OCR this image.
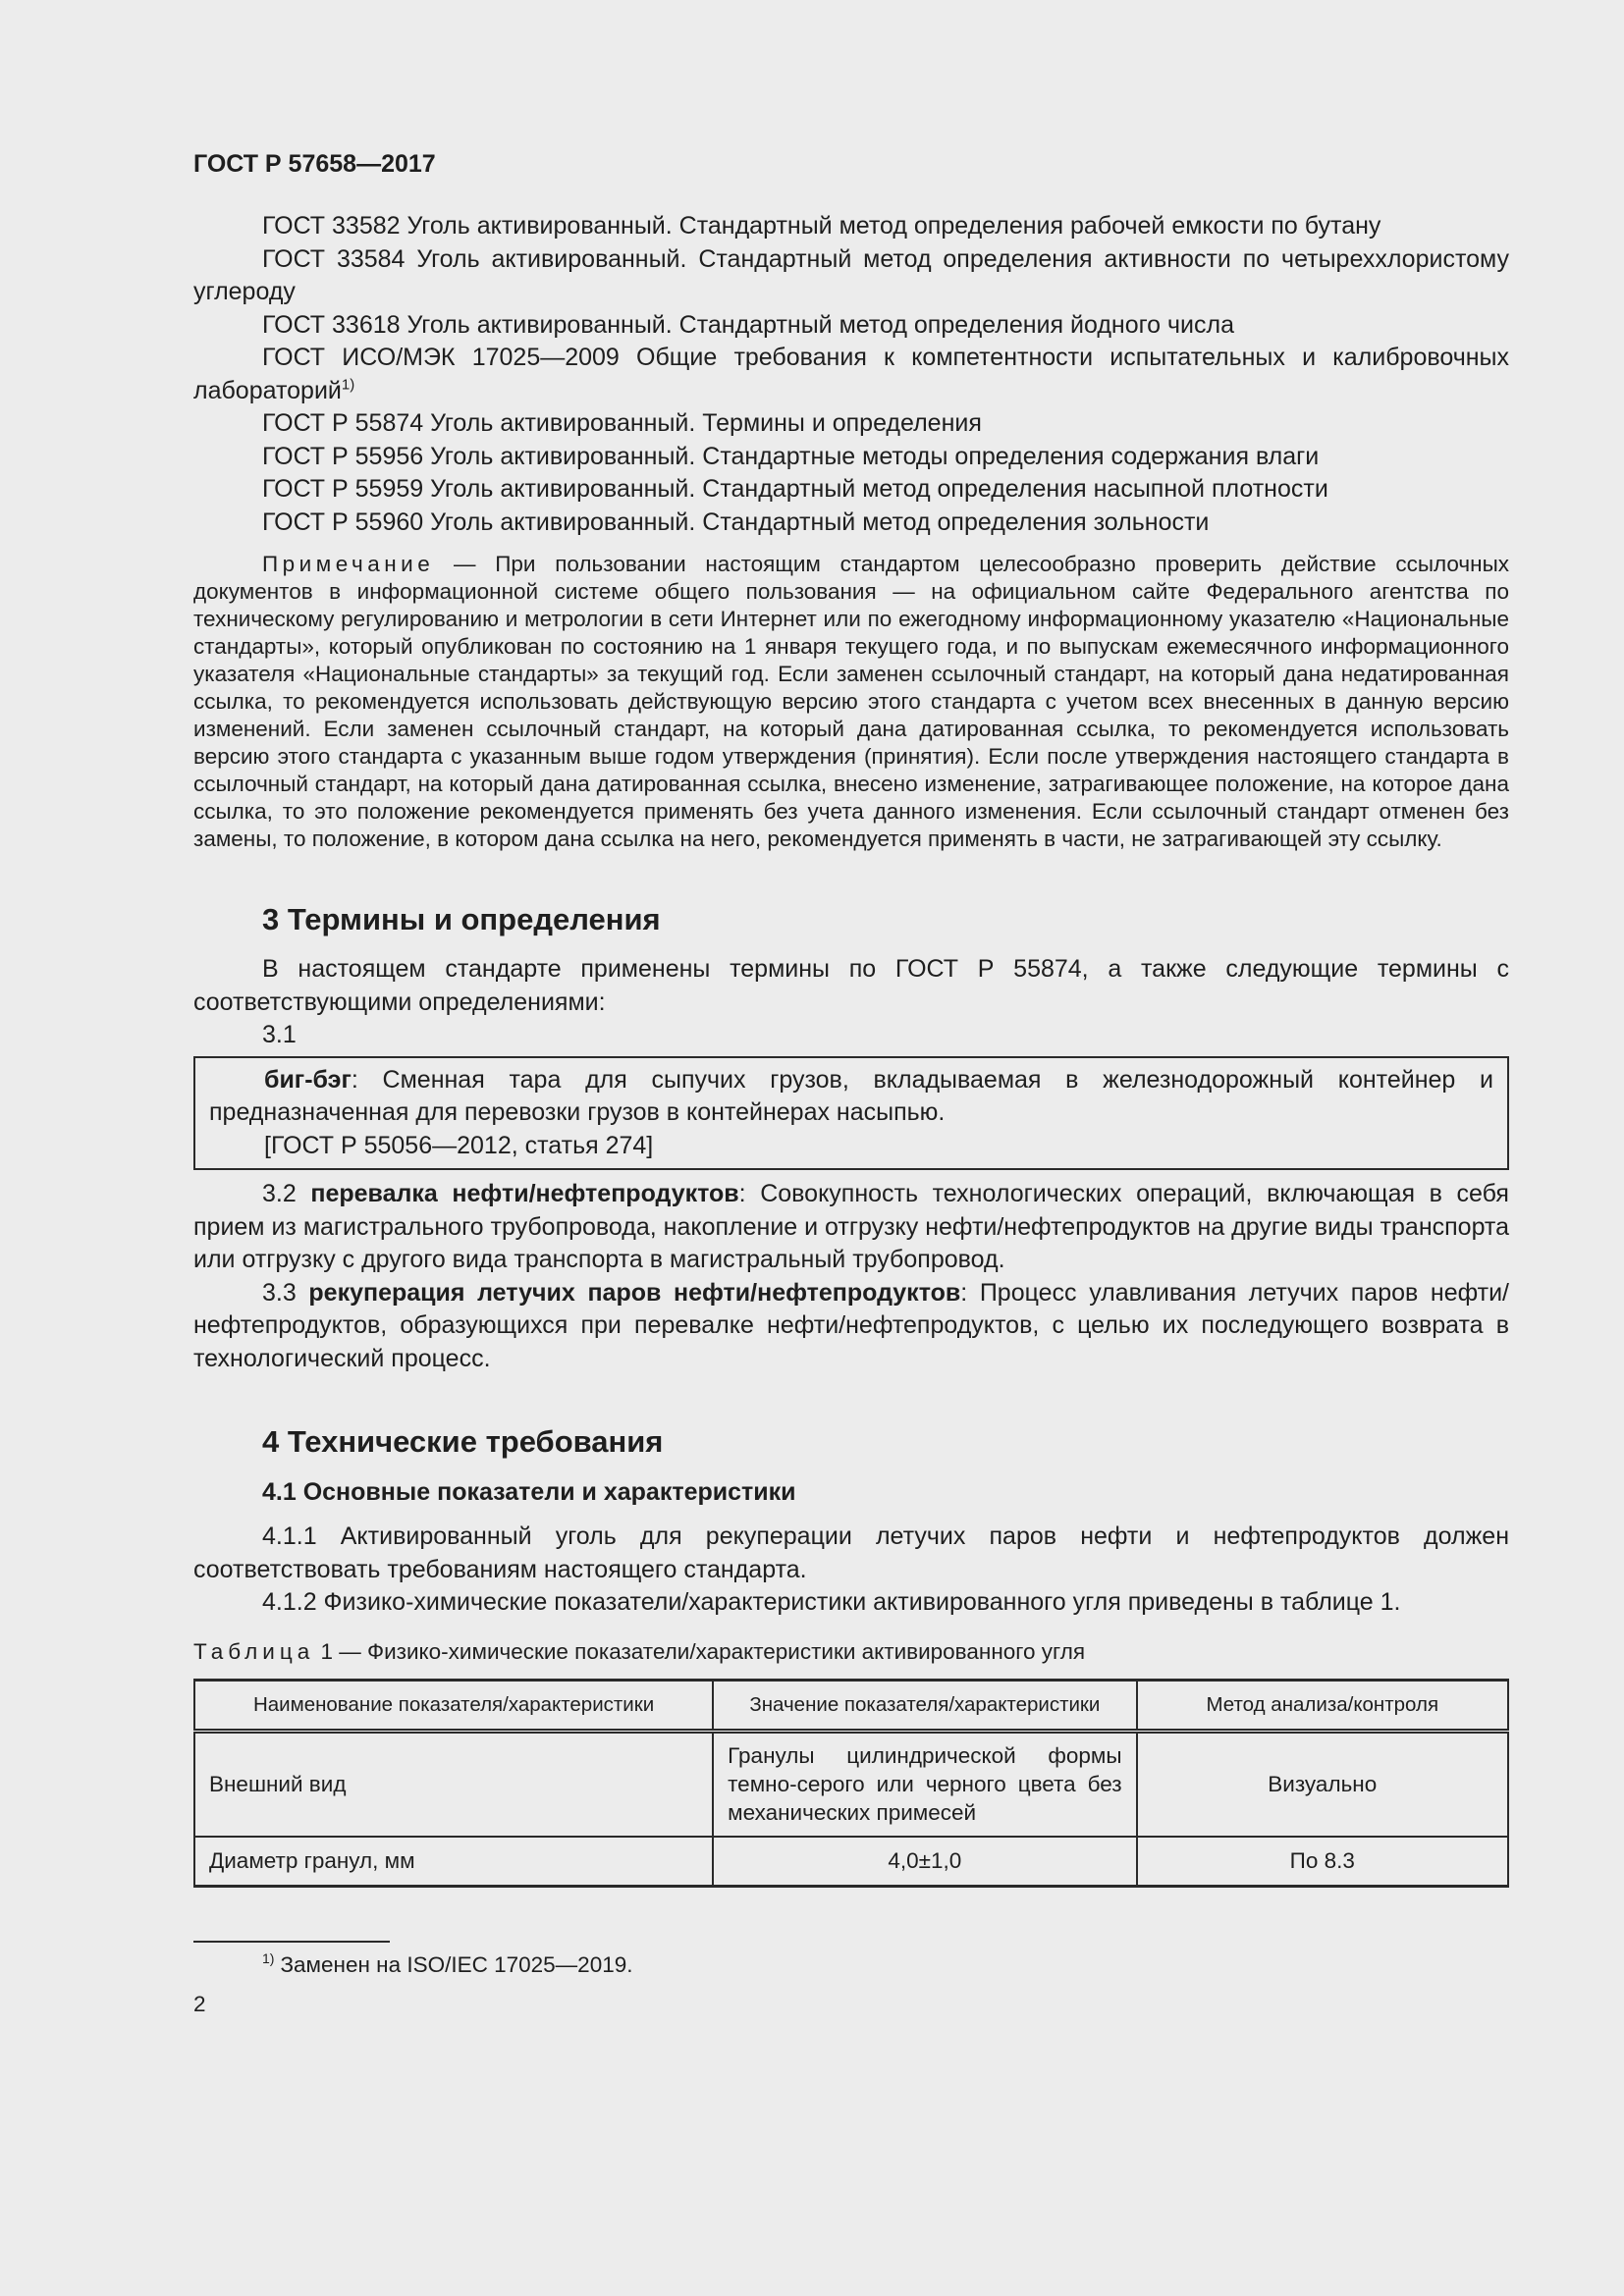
ГОСТ Р 57658—2017

ГОСТ 33582 Уголь активированный. Стандартный метод определения рабочей емкости по бутану

ГОСТ 33584 Уголь активированный. Стандартный метод определения активности по четыреххлористому углероду

ГОСТ 33618 Уголь активированный. Стандартный метод определения йодного числа

ГОСТ ИСО/МЭК 17025—2009 Общие требования к компетентности испытательных и калибровочных лабораторий$^{1)}$

ГОСТ Р 55874 Уголь активированный. Термины и определения

ГОСТ Р 55956 Уголь активированный. Стандартные методы определения содержания влаги

ГОСТ Р 55959 Уголь активированный. Стандартный метод определения насыпной плотности

ГОСТ Р 55960 Уголь активированный. Стандартный метод определения зольности

Примечание — При пользовании настоящим стандартом целесообразно проверить действие ссылочных документов в информационной системе общего пользования — на официальном сайте Федерального агентства по техническому регулированию и метрологии в сети Интернет или по ежегодному информационному указателю «Национальные стандарты», который опубликован по состоянию на 1 января текущего года, и по выпускам ежемесячного информационного указателя «Национальные стандарты» за текущий год. Если заменен ссылочный стандарт, на который дана недатированная ссылка, то рекомендуется использовать действующую версию этого стандарта с учетом всех внесенных в данную версию изменений. Если заменен ссылочный стандарт, на который дана датированная ссылка, то рекомендуется использовать версию этого стандарта с указанным выше годом утверждения (принятия). Если после утверждения настоящего стандарта в ссылочный стандарт, на который дана датированная ссылка, внесено изменение, затрагивающее положение, на которое дана ссылка, то это положение рекомендуется применять без учета данного изменения. Если ссылочный стандарт отменен без замены, то положение, в котором дана ссылка на него, рекомендуется применять в части, не затрагивающей эту ссылку.

3 Термины и определения

В настоящем стандарте применены термины по ГОСТ Р 55874, а также следующие термины с соответствующими определениями:

3.1

биг-бэг: Сменная тара для сыпучих грузов, вкладываемая в железнодорожный контейнер и предназначенная для перевозки грузов в контейнерах насыпью.

[ГОСТ Р 55056—2012, статья 274]

3.2 перевалка нефти/нефтепродуктов: Совокупность технологических операций, включающая в себя прием из магистрального трубопровода, накопление и отгрузку нефти/нефтепродуктов на другие виды транспорта или отгрузку с другого вида транспорта в магистральный трубопровод.

3.3 рекуперация летучих паров нефти/нефтепродуктов: Процесс улавливания летучих паров нефти/нефтепродуктов, образующихся при перевалке нефти/нефтепродуктов, с целью их последующего возврата в технологический процесс.

4 Технические требования
4.1 Основные показатели и характеристики

4.1.1 Активированный уголь для рекуперации летучих паров нефти и нефтепродуктов должен соответствовать требованиям настоящего стандарта.

4.1.2 Физико-химические показатели/характеристики активированного угля приведены в таблице 1.

Таблица 1 — Физико-химические показатели/характеристики активированного угля
Наименование показателя/характеристики	Значение показателя/характеристики	Метод анализа/контроля
Внешний вид	Гранулы цилиндрической формы темно-серого или черного цвета без механических примесей	Визуально
Диаметр гранул, мм	4,0±1,0	По 8.3
$^{1)}$ Заменен на ISO/IEC 17025—2019.
2
